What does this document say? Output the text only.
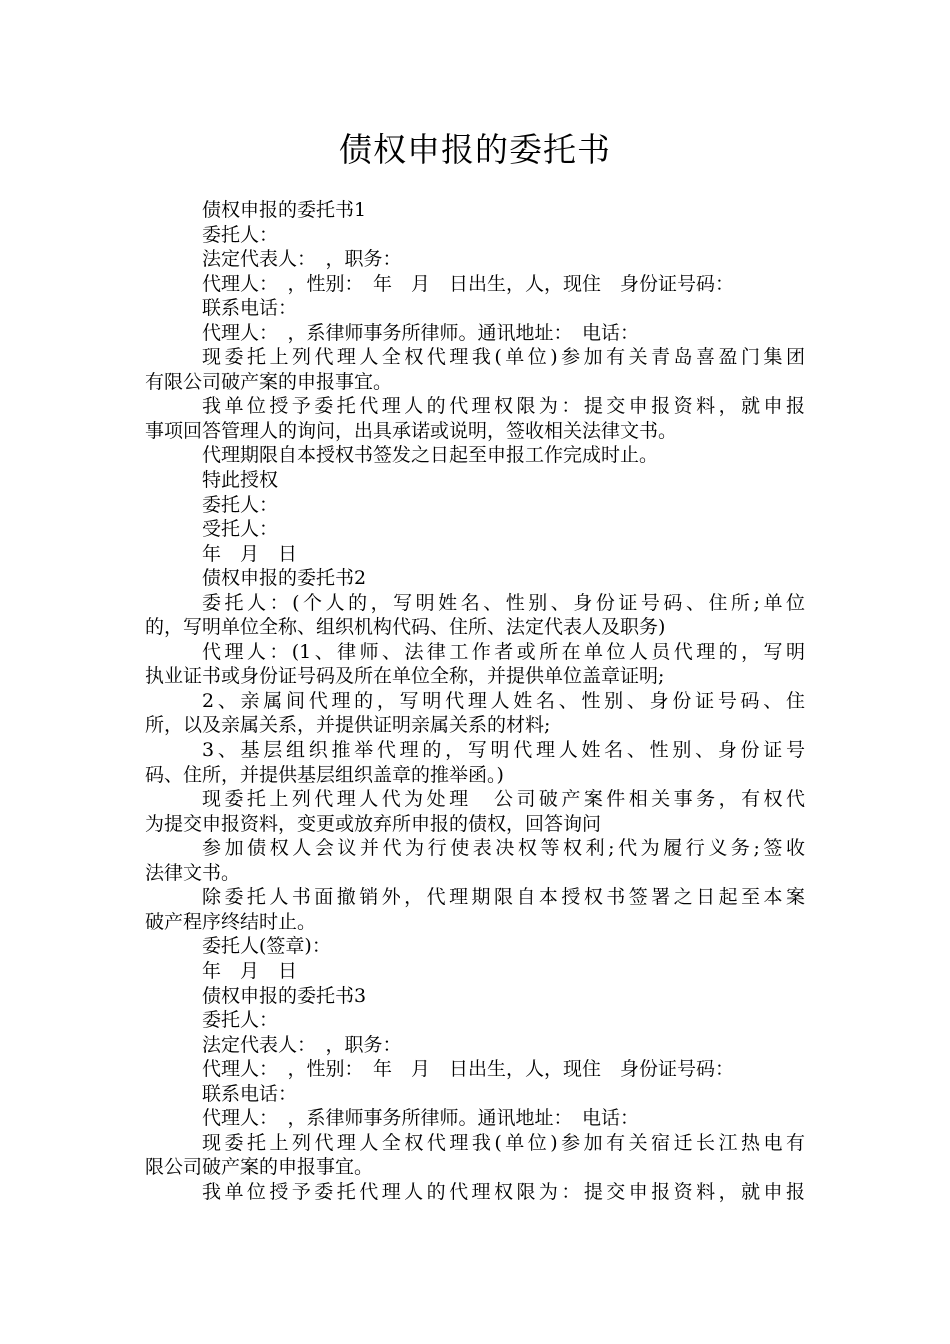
债权申报的委托书

债权申报的委托书1

委托人：

法定代表人：　，职务：

代理人：　，性别：　年　月　日出生，人，现住　身份证号码：

联系电话：

代理人：　，系律师事务所律师。通讯地址：　电话：

现委托上列代理人全权代理我(单位)参加有关青岛喜盈门集团

有限公司破产案的申报事宜。

我单位授予委托代理人的代理权限为：提交申报资料，就申报

事项回答管理人的询问，出具承诺或说明，签收相关法律文书。

代理期限自本授权书签发之日起至申报工作完成时止。

特此授权

委托人：

受托人：

年　月　日

债权申报的委托书2

委托人：(个人的，写明姓名、性别、身份证号码、住所;单位

的，写明单位全称、组织机构代码、住所、法定代表人及职务)

代理人：(1、律师、法律工作者或所在单位人员代理的，写明

执业证书或身份证号码及所在单位全称，并提供单位盖章证明;

2、亲属间代理的，写明代理人姓名、性别、身份证号码、住

所，以及亲属关系，并提供证明亲属关系的材料;

3、基层组织推举代理的，写明代理人姓名、性别、身份证号

码、住所，并提供基层组织盖章的推举函。)

现委托上列代理人代为处理　公司破产案件相关事务，有权代

为提交申报资料，变更或放弃所申报的债权，回答询问

参加债权人会议并代为行使表决权等权利;代为履行义务;签收

法律文书。

除委托人书面撤销外，代理期限自本授权书签署之日起至本案

破产程序终结时止。

委托人(签章)：

年　月　日

债权申报的委托书3

委托人：

法定代表人：　，职务：

代理人：　，性别：　年　月　日出生，人，现住　身份证号码：

联系电话：

代理人：　，系律师事务所律师。通讯地址：　电话：

现委托上列代理人全权代理我(单位)参加有关宿迁长江热电有

限公司破产案的申报事宜。

我单位授予委托代理人的代理权限为：提交申报资料，就申报
